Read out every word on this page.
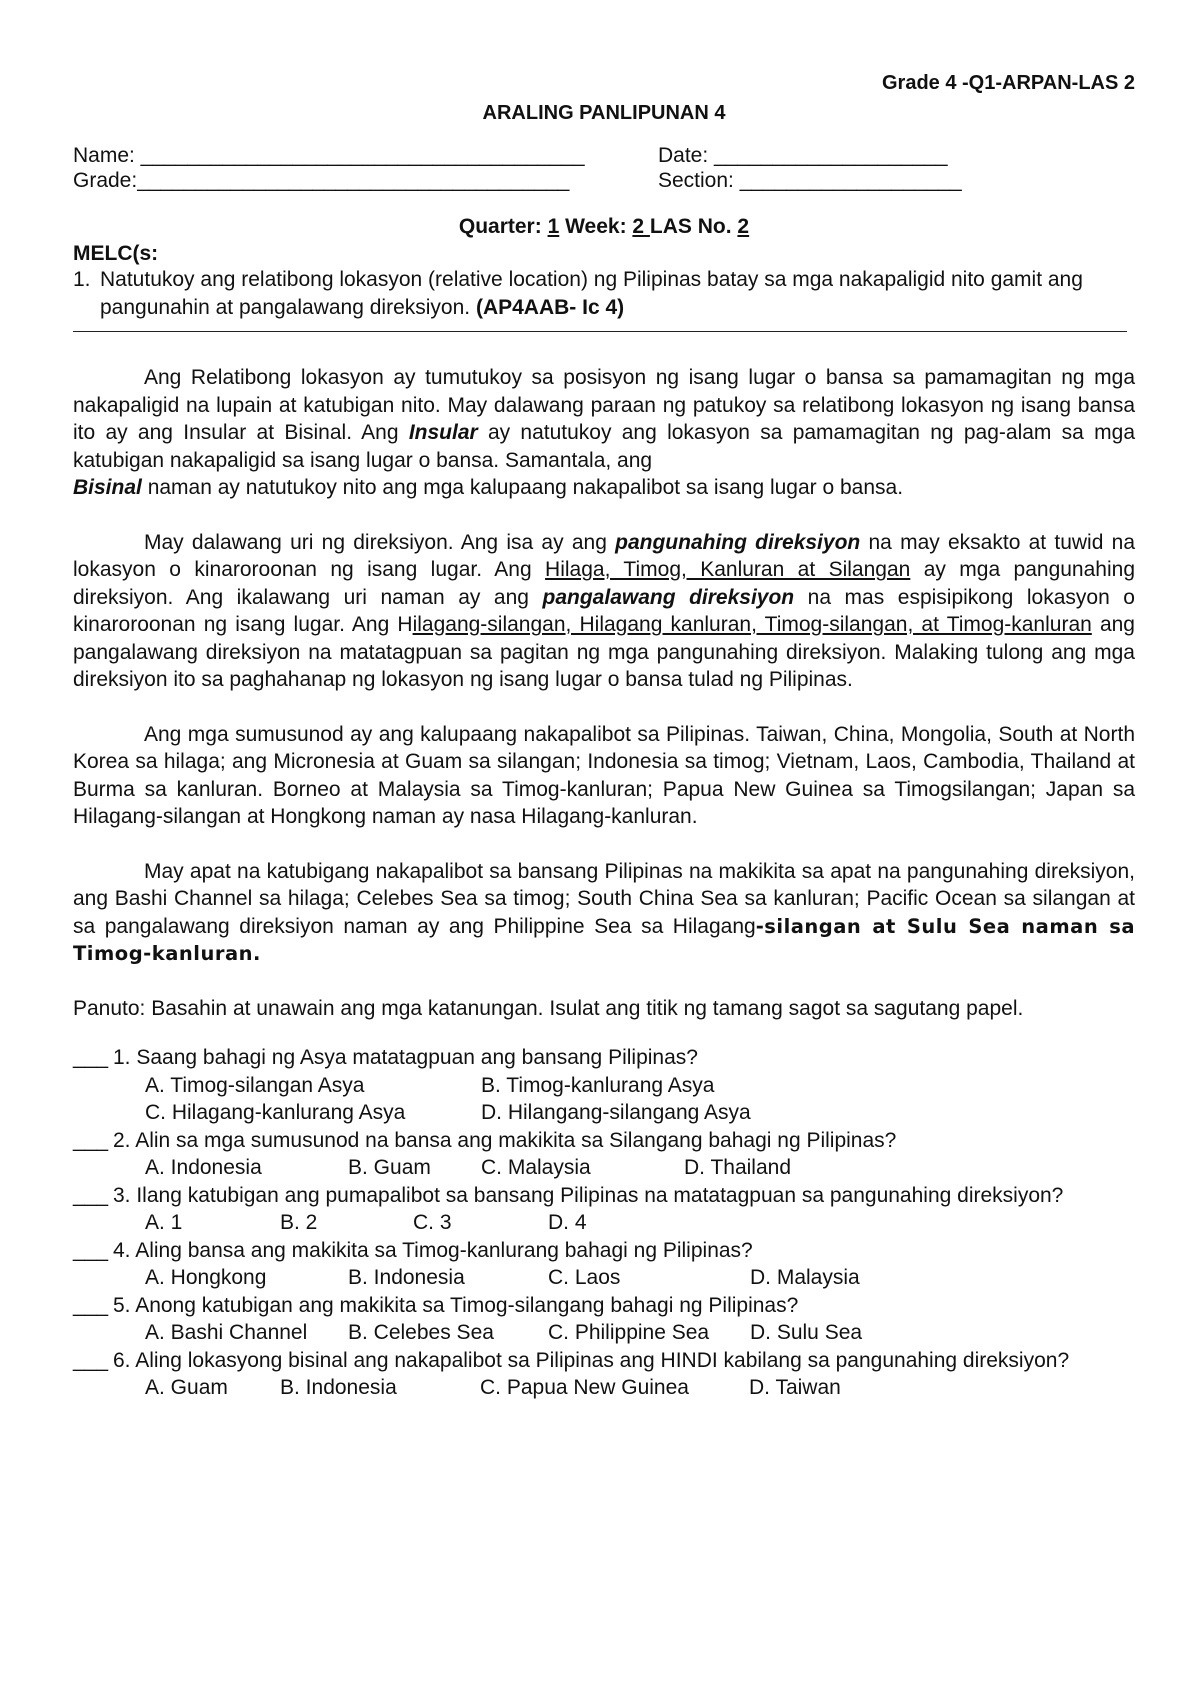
Grade 4 -Q1-ARPAN-LAS 2
ARALING PANLIPUNAN 4
Name: ______________________________________	Date: ____________________
Grade:_____________________________________	Section: ___________________
Quarter: 1 Week: 2 LAS No. 2
MELC(s:
1. Natutukoy ang relatibong lokasyon (relative location) ng Pilipinas batay sa mga nakapaligid nito gamit ang pangunahin at pangalawang direksiyon. (AP4AAB- Ic 4)

Ang Relatibong lokasyon ay tumutukoy sa posisyon ng isang lugar o bansa sa pamamagitan ng mga nakapaligid na lupain at katubigan nito. May dalawang paraan ng patukoy sa relatibong lokasyon ng isang bansa ito ay ang Insular at Bisinal. Ang Insular ay natutukoy ang lokasyon sa pamamagitan ng pag-alam sa mga katubigan nakapaligid sa isang lugar o bansa. Samantala, ang

Bisinal naman ay natutukoy nito ang mga kalupaang nakapalibot sa isang lugar o bansa.

May dalawang uri ng direksiyon. Ang isa ay ang pangunahing direksiyon na may eksakto at tuwid na lokasyon o kinaroroonan ng isang lugar. Ang Hilaga, Timog, Kanluran at Silangan ay mga pangunahing direksiyon. Ang ikalawang uri naman ay ang pangalawang direksiyon na mas espisipikong lokasyon o kinaroroonan ng isang lugar. Ang Hilagang-silangan, Hilagang kanluran, Timog-silangan, at Timog-kanluran ang pangalawang direksiyon na matatagpuan sa pagitan ng mga pangunahing direksiyon. Malaking tulong ang mga direksiyon ito sa paghahanap ng lokasyon ng isang lugar o bansa tulad ng Pilipinas.

Ang mga sumusunod ay ang kalupaang nakapalibot sa Pilipinas. Taiwan, China, Mongolia, South at North Korea sa hilaga; ang Micronesia at Guam sa silangan; Indonesia sa timog; Vietnam, Laos, Cambodia, Thailand at Burma sa kanluran. Borneo at Malaysia sa Timog-kanluran; Papua New Guinea sa Timogsilangan; Japan sa Hilagang-silangan at Hongkong naman ay nasa Hilagang-kanluran.

May apat na katubigang nakapalibot sa bansang Pilipinas na makikita sa apat na pangunahing direksiyon, ang Bashi Channel sa hilaga; Celebes Sea sa timog; South China Sea sa kanluran; Pacific Ocean sa silangan at sa pangalawang direksiyon naman ay ang Philippine Sea sa Hilagang-silangan at Sulu Sea naman sa Timog-kanluran.

Panuto: Basahin at unawain ang mga katanungan. Isulat ang titik ng tamang sagot sa sagutang papel.

___ 1. Saang bahagi ng Asya matatagpuan ang bansang Pilipinas?
A. Timog-silangan Asya	B. Timog-kanlurang Asya
C. Hilagang-kanlurang Asya	D. Hilangang-silangang Asya
___ 2. Alin sa mga sumusunod na bansa ang makikita sa Silangang bahagi ng Pilipinas?
A. Indonesia	B. Guam	C. Malaysia	D. Thailand
___ 3. Ilang katubigan ang pumapalibot sa bansang Pilipinas na matatagpuan sa pangunahing direksiyon?
A. 1	B. 2	C. 3	D. 4
___ 4. Aling bansa ang makikita sa Timog-kanlurang bahagi ng Pilipinas?
A. Hongkong	B. Indonesia	C. Laos	D. Malaysia
___ 5. Anong katubigan ang makikita sa Timog-silangang bahagi ng Pilipinas?
A. Bashi Channel	B. Celebes Sea	C. Philippine Sea	D. Sulu Sea
___ 6. Aling lokasyong bisinal ang nakapalibot sa Pilipinas ang HINDI kabilang sa pangunahing direksiyon?
A. Guam	B. Indonesia	C. Papua New Guinea	D. Taiwan
